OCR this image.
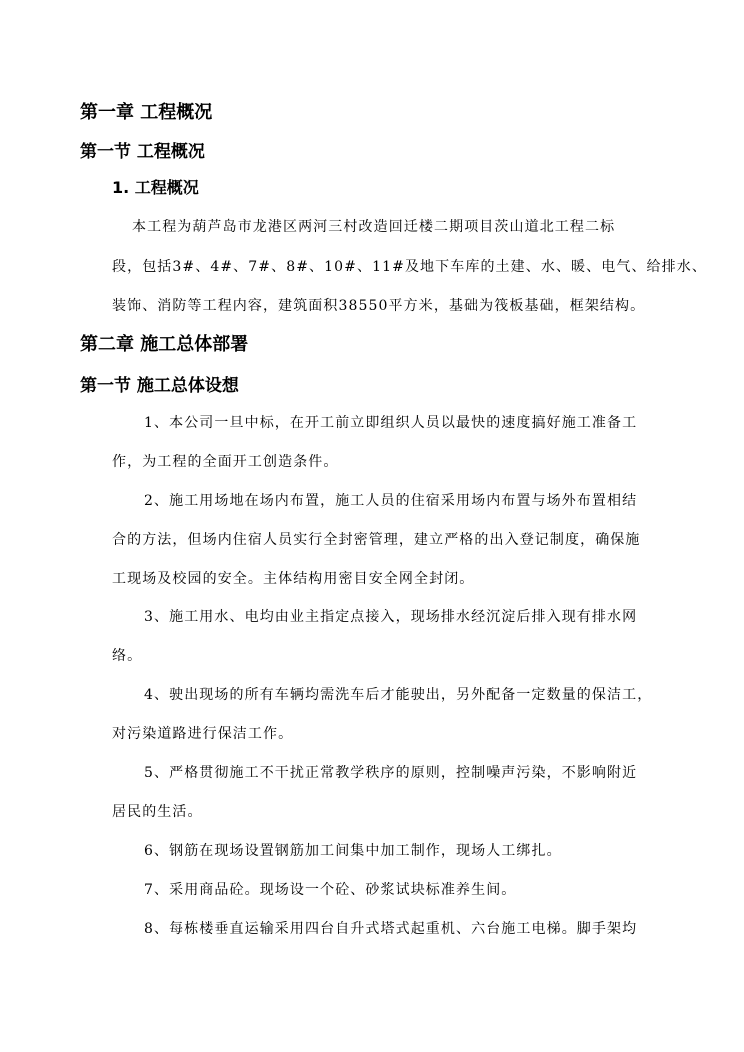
第一章 工程概况
第一节 工程概况
1. 工程概况
本工程为葫芦岛市龙港区两河三村改造回迁楼二期项目茨山道北工程二标
段，包括3#、4#、7#、8#、10#、11#及地下车库的土建、水、暖、电气、给排水、
装饰、消防等工程内容，建筑面积38550平方米，基础为筏板基础，框架结构。
第二章 施工总体部署
第一节 施工总体设想
1、本公司一旦中标，在开工前立即组织人员以最快的速度搞好施工准备工
作，为工程的全面开工创造条件。
2、施工用场地在场内布置，施工人员的住宿采用场内布置与场外布置相结
合的方法，但场内住宿人员实行全封密管理，建立严格的出入登记制度，确保施
工现场及校园的安全。主体结构用密目安全网全封闭。
3、施工用水、电均由业主指定点接入，现场排水经沉淀后排入现有排水网
络。
4、驶出现场的所有车辆均需洗车后才能驶出，另外配备一定数量的保洁工，
对污染道路进行保洁工作。
5、严格贯彻施工不干扰正常教学秩序的原则，控制噪声污染，不影响附近
居民的生活。
6、钢筋在现场设置钢筋加工间集中加工制作，现场人工绑扎。
7、采用商品砼。现场设一个砼、砂浆试块标准养生间。
8、每栋楼垂直运输采用四台自升式塔式起重机、六台施工电梯。脚手架均
